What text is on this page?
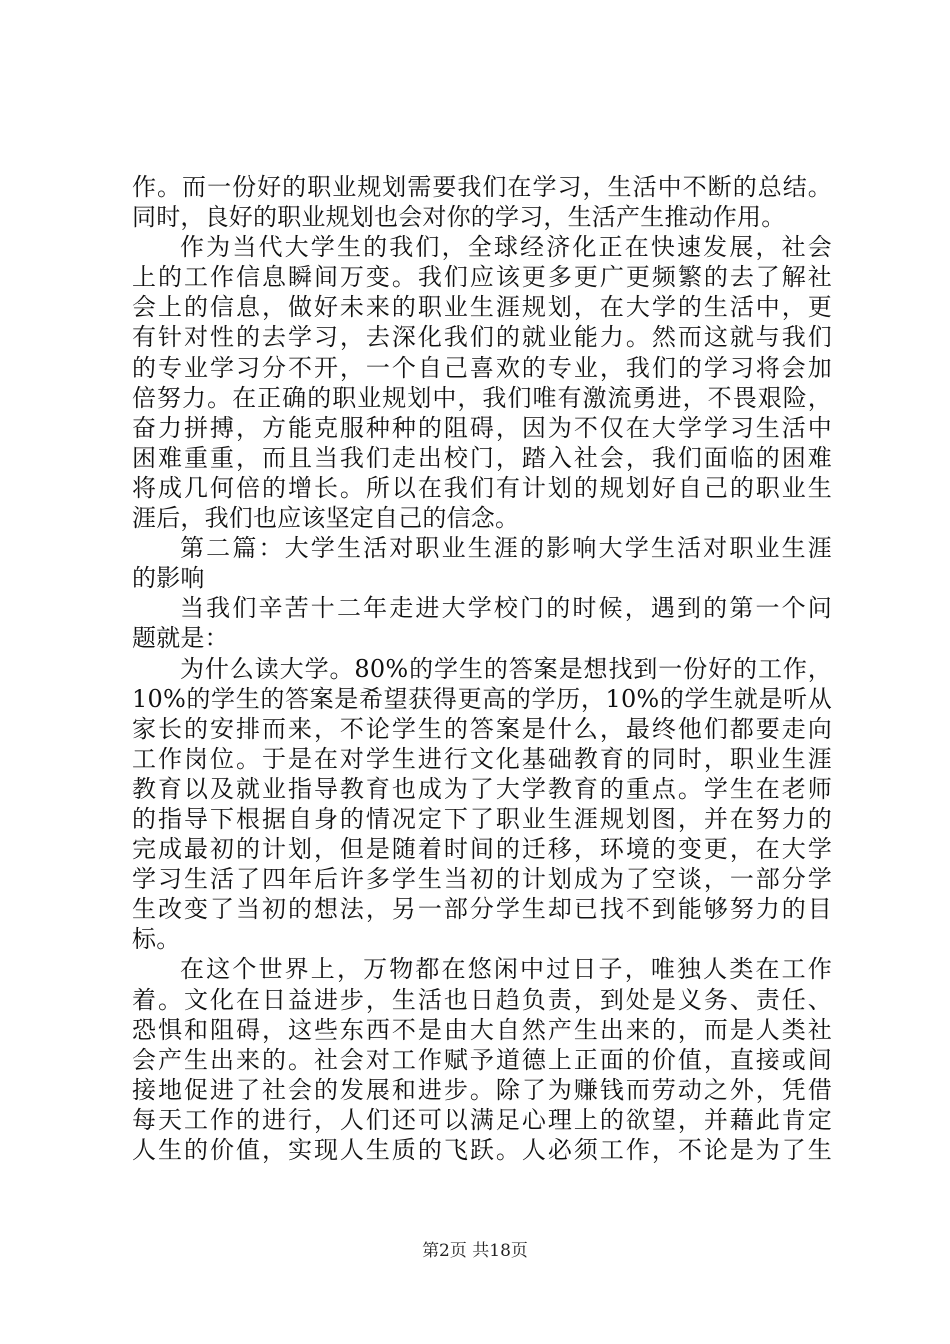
作。而一份好的职业规划需要我们在学习，生活中不断的总结。
同时，良好的职业规划也会对你的学习，生活产生推动作用。
作为当代大学生的我们，全球经济化正在快速发展，社会
上的工作信息瞬间万变。我们应该更多更广更频繁的去了解社
会上的信息，做好未来的职业生涯规划，在大学的生活中，更
有针对性的去学习，去深化我们的就业能力。然而这就与我们
的专业学习分不开，一个自己喜欢的专业，我们的学习将会加
倍努力。在正确的职业规划中，我们唯有激流勇进，不畏艰险，
奋力拼搏，方能克服种种的阻碍，因为不仅在大学学习生活中
困难重重，而且当我们走出校门，踏入社会，我们面临的困难
将成几何倍的增长。所以在我们有计划的规划好自己的职业生
涯后，我们也应该坚定自己的信念。
第二篇：大学生活对职业生涯的影响大学生活对职业生涯
的影响
当我们辛苦十二年走进大学校门的时候，遇到的第一个问
题就是：
为什么读大学。80%的学生的答案是想找到一份好的工作，
10%的学生的答案是希望获得更高的学历，10%的学生就是听从
家长的安排而来，不论学生的答案是什么，最终他们都要走向
工作岗位。于是在对学生进行文化基础教育的同时，职业生涯
教育以及就业指导教育也成为了大学教育的重点。学生在老师
的指导下根据自身的情况定下了职业生涯规划图，并在努力的
完成最初的计划，但是随着时间的迁移，环境的变更，在大学
学习生活了四年后许多学生当初的计划成为了空谈，一部分学
生改变了当初的想法，另一部分学生却已找不到能够努力的目
标。
在这个世界上，万物都在悠闲中过日子，唯独人类在工作
着。文化在日益进步，生活也日趋负责，到处是义务、责任、
恐惧和阻碍，这些东西不是由大自然产生出来的，而是人类社
会产生出来的。社会对工作赋予道德上正面的价值，直接或间
接地促进了社会的发展和进步。除了为赚钱而劳动之外，凭借
每天工作的进行，人们还可以满足心理上的欲望，并藉此肯定
人生的价值，实现人生质的飞跃。人必须工作，不论是为了生
第2页 共18页
